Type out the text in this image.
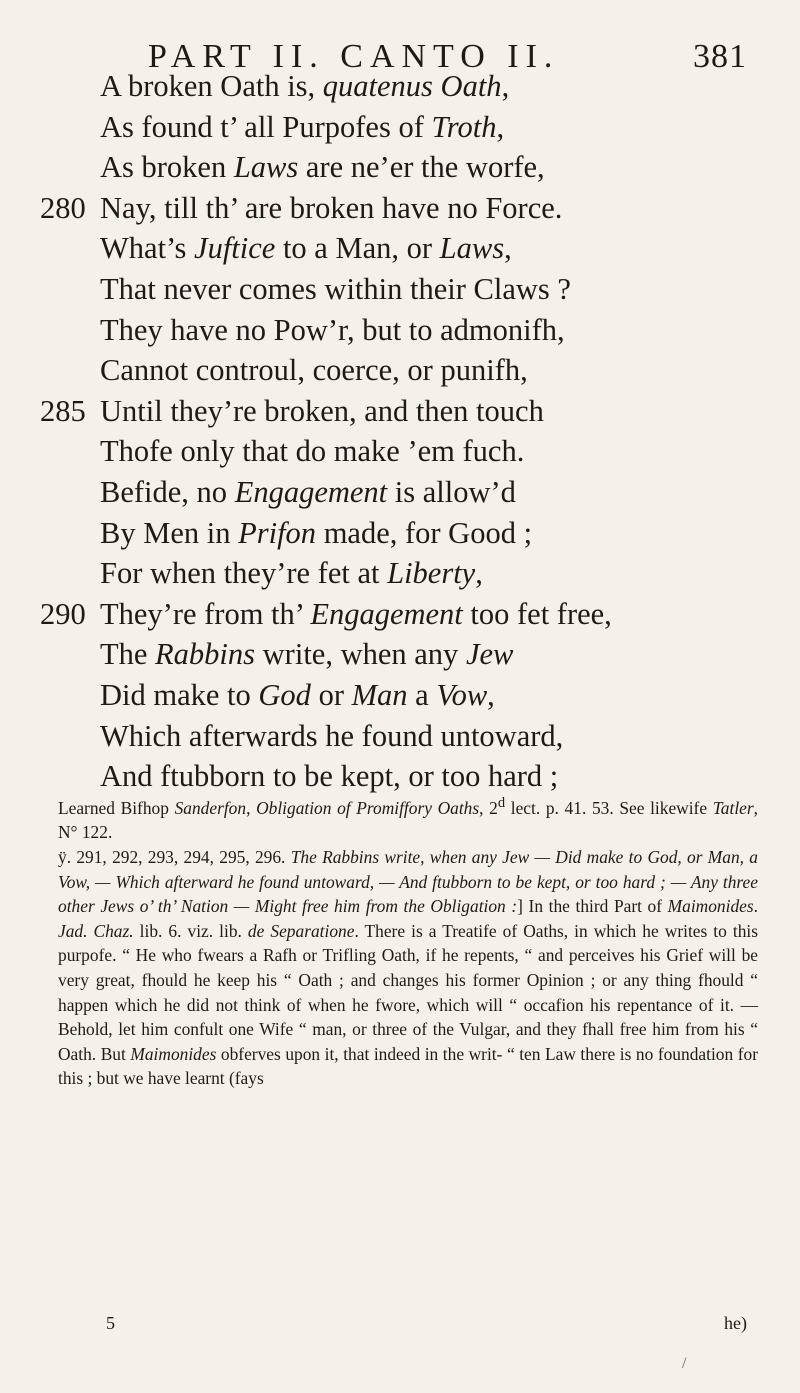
PART II. CANTO II.	381
A broken Oath is, quatenus Oath,
As found t’ all Purpofes of Troth,
As broken Laws are ne’er the worfe,
280 Nay, till th’ are broken have no Force.
What’s Juftice to a Man, or Laws,
That never comes within their Claws ?
They have no Pow’r, but to admonifh,
Cannot controul, coerce, or punifh,
285 Until they’re broken, and then touch
Thofe only that do make ’em fuch.
Befide, no Engagement is allow’d
By Men in Prifon made, for Good ;
For when they’re fet at Liberty,
290 They’re from th’ Engagement too fet free,
The Rabbins write, when any Jew
Did make to God or Man a Vow,
Which afterwards he found untoward,
And ftubborn to be kept, or too hard ;

Learned Bifhop Sanderfon, Obligation of Promiffory Oaths, 2$^d$ lect. p. 41. 53. See likewife Tatler, N° 122.

ÿ. 291, 292, 293, 294, 295, 296. The Rabbins write, when any Jew — Did make to God, or Man, a Vow, — Which afterward he found untoward, — And ftubborn to be kept, or too hard ; — Any three other Jews o’ th’ Nation — Might free him from the Obligation :] In the third Part of Maimonides. Jad. Chaz. lib. 6. viz. lib. de Separatione. There is a Treatife of Oaths, in which he writes to this purpofe. “ He who fwears a Rafh or Trifling Oath, if he repents, “ and perceives his Grief will be very great, fhould he keep his “ Oath ; and changes his former Opinion ; or any thing fhould “ happen which he did not think of when he fwore, which will “ occafion his repentance of it. — Behold, let him confult one Wife “ man, or three of the Vulgar, and they fhall free him from his “ Oath. But Maimonides obferves upon it, that indeed in the writ- “ ten Law there is no foundation for this ; but we have learnt (fays

5	he)
/
